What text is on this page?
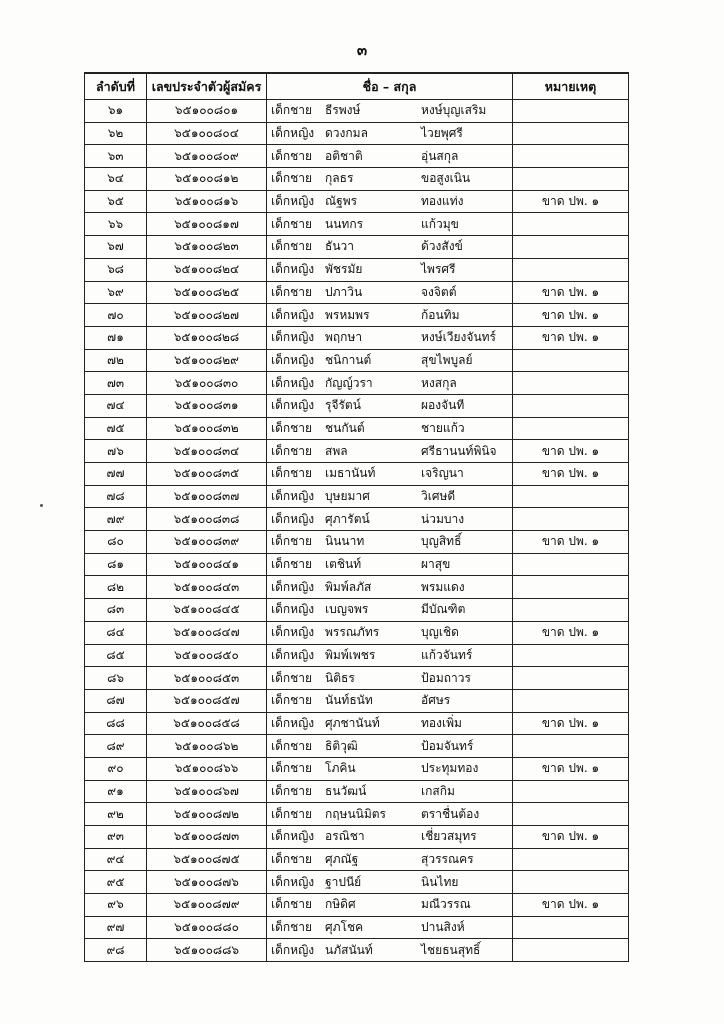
๓
ลำดับที่	เลขประจำตัวผู้สมัคร	ชื่อ – สกุล	หมายเหตุ
๖๑	๖๕๑๐๐๘๐๑	เด็กชาย ธีรพงษ์ หงษ์บุญเสริม	
๖๒	๖๕๑๐๐๘๐๔	เด็กหญิง ดวงกมล ไวยพุศรี	
๖๓	๖๕๑๐๐๘๐๙	เด็กชาย อติชาติ อุ่นสกุล	
๖๔	๖๕๑๐๐๘๑๒	เด็กชาย กุลธร ขอสูงเนิน	
๖๕	๖๕๑๐๐๘๑๖	เด็กหญิง ณัฐพร ทองแท่ง	ขาด ปพ. ๑
๖๖	๖๕๑๐๐๘๑๗	เด็กชาย นนทกร แก้วมุข	
๖๗	๖๕๑๐๐๘๒๓	เด็กชาย ธันวา ด้วงสังข์	
๖๘	๖๕๑๐๐๘๒๔	เด็กหญิง พัชรมัย ไพรศรี	
๖๙	๖๕๑๐๐๘๒๕	เด็กชาย ปภาวิน จงจิตต์	ขาด ปพ. ๑
๗๐	๖๕๑๐๐๘๒๗	เด็กหญิง พรหมพร ก้อนทิม	ขาด ปพ. ๑
๗๑	๖๕๑๐๐๘๒๘	เด็กหญิง พฤกษา หงษ์เวียงจันทร์	ขาด ปพ. ๑
๗๒	๖๕๑๐๐๘๒๙	เด็กหญิง ชนิกานต์ สุขไพบูลย์	
๗๓	๖๕๑๐๐๘๓๐	เด็กหญิง กัญญ์วรา หงสกุล	
๗๔	๖๕๑๐๐๘๓๑	เด็กหญิง รุจีรัตน์ ผองจันที	
๗๕	๖๕๑๐๐๘๓๒	เด็กชาย ชนกันต์ ชายแก้ว	
๗๖	๖๕๑๐๐๘๓๔	เด็กชาย สพล ศรีธานนท์พินิจ	ขาด ปพ. ๑
๗๗	๖๕๑๐๐๘๓๕	เด็กชาย เมธานันท์ เจริญนา	ขาด ปพ. ๑
๗๘	๖๕๑๐๐๘๓๗	เด็กหญิง บุษยมาศ วิเศษดี	
๗๙	๖๕๑๐๐๘๓๘	เด็กหญิง ศุภารัตน์ น่วมบาง	
๘๐	๖๕๑๐๐๘๓๙	เด็กชาย นินนาท บุญสิทธิ์	ขาด ปพ. ๑
๘๑	๖๕๑๐๐๘๔๑	เด็กชาย เตชินท์ ผาสุข	
๘๒	๖๕๑๐๐๘๔๓	เด็กหญิง พิมพ์ลภัส พรมแดง	
๘๓	๖๕๑๐๐๘๔๕	เด็กหญิง เบญจพร มีบัณฑิต	
๘๔	๖๕๑๐๐๘๔๗	เด็กหญิง พรรณภัทร บุญเชิด	ขาด ปพ. ๑
๘๕	๖๕๑๐๐๘๕๐	เด็กหญิง พิมพ์เพชร แก้วจันทร์	
๘๖	๖๕๑๐๐๘๕๓	เด็กชาย นิติธร ป้อมถาวร	
๘๗	๖๕๑๐๐๘๕๗	เด็กชาย นันท์ธนัท อัศษร	
๘๘	๖๕๑๐๐๘๕๘	เด็กหญิง ศุภชานันท์ ทองเพิ่ม	ขาด ปพ. ๑
๘๙	๖๕๑๐๐๘๖๒	เด็กชาย ธิติวุฒิ ป้อมจันทร์	
๙๐	๖๕๑๐๐๘๖๖	เด็กชาย โภคิน ประทุมทอง	ขาด ปพ. ๑
๙๑	๖๕๑๐๐๘๖๗	เด็กชาย ธนวัฒน์ เกสกิม	
๙๒	๖๕๑๐๐๘๗๒	เด็กชาย กฤษนนิมิตร ตราชื่นต้อง	
๙๓	๖๕๑๐๐๘๗๓	เด็กหญิง อรณิชา เชี่ยวสมุทร	ขาด ปพ. ๑
๙๔	๖๕๑๐๐๘๗๕	เด็กชาย ศุภณัฐ สุวรรณคร	
๙๕	๖๕๑๐๐๘๗๖	เด็กหญิง ฐาปนีย์ นินไทย	
๙๖	๖๕๑๐๐๘๗๙	เด็กชาย กษิดิศ มณีวรรณ	ขาด ปพ. ๑
๙๗	๖๕๑๐๐๘๘๐	เด็กชาย ศุภโชค ปานสิงห์	
๙๘	๖๕๑๐๐๘๘๖	เด็กหญิง นภัสนันท์ ไชยธนสุทธิ์	
